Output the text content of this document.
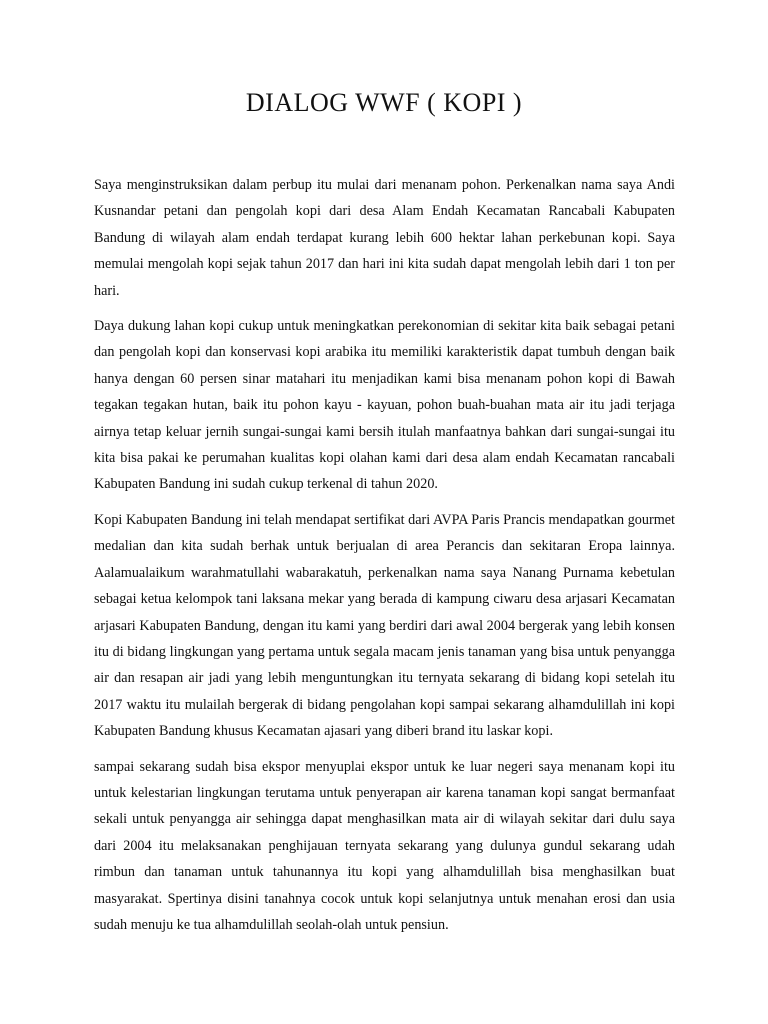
DIALOG WWF ( KOPI )

Saya menginstruksikan dalam perbup itu mulai dari menanam pohon. Perkenalkan nama saya Andi Kusnandar petani dan pengolah kopi dari desa Alam Endah Kecamatan Rancabali Kabupaten Bandung di wilayah alam endah terdapat kurang lebih 600 hektar lahan perkebunan kopi. Saya memulai mengolah kopi sejak tahun 2017 dan hari ini kita sudah dapat mengolah lebih dari 1 ton per hari.

Daya dukung lahan kopi cukup untuk meningkatkan perekonomian di sekitar kita baik sebagai petani dan pengolah kopi dan konservasi kopi arabika itu memiliki karakteristik dapat tumbuh dengan baik hanya dengan 60 persen sinar matahari itu menjadikan kami bisa menanam pohon kopi di Bawah tegakan tegakan hutan, baik itu pohon kayu - kayuan, pohon buah-buahan mata air itu jadi terjaga airnya tetap keluar jernih sungai-sungai kami bersih itulah manfaatnya bahkan dari sungai-sungai itu kita bisa pakai ke perumahan kualitas kopi olahan kami dari desa alam endah Kecamatan rancabali Kabupaten Bandung ini sudah cukup terkenal di tahun 2020.

Kopi Kabupaten Bandung ini telah mendapat sertifikat dari AVPA Paris Prancis mendapatkan gourmet medalian dan kita sudah berhak untuk berjualan di area Perancis dan sekitaran Eropa lainnya. Aalamualaikum warahmatullahi wabarakatuh, perkenalkan nama saya Nanang Purnama kebetulan sebagai ketua kelompok tani laksana mekar yang berada di kampung ciwaru desa arjasari Kecamatan arjasari Kabupaten Bandung, dengan itu kami yang berdiri dari awal 2004 bergerak yang lebih konsen itu di bidang lingkungan yang pertama untuk segala macam jenis tanaman yang bisa untuk penyangga air dan resapan air jadi yang lebih menguntungkan itu ternyata sekarang di bidang kopi setelah itu 2017 waktu itu mulailah bergerak di bidang pengolahan kopi sampai sekarang alhamdulillah ini kopi Kabupaten Bandung khusus Kecamatan ajasari yang diberi brand itu laskar kopi.

sampai sekarang sudah bisa ekspor menyuplai ekspor untuk ke luar negeri saya menanam kopi itu untuk kelestarian lingkungan terutama untuk penyerapan air karena tanaman kopi sangat bermanfaat sekali untuk penyangga air sehingga dapat menghasilkan mata air di wilayah sekitar dari dulu saya dari 2004 itu melaksanakan penghijauan ternyata sekarang yang dulunya gundul sekarang udah rimbun dan tanaman untuk tahunannya itu kopi yang alhamdulillah bisa menghasilkan buat masyarakat. Spertinya disini tanahnya cocok untuk kopi selanjutnya untuk menahan erosi dan usia sudah menuju ke tua alhamdulillah seolah-olah untuk pensiun.
